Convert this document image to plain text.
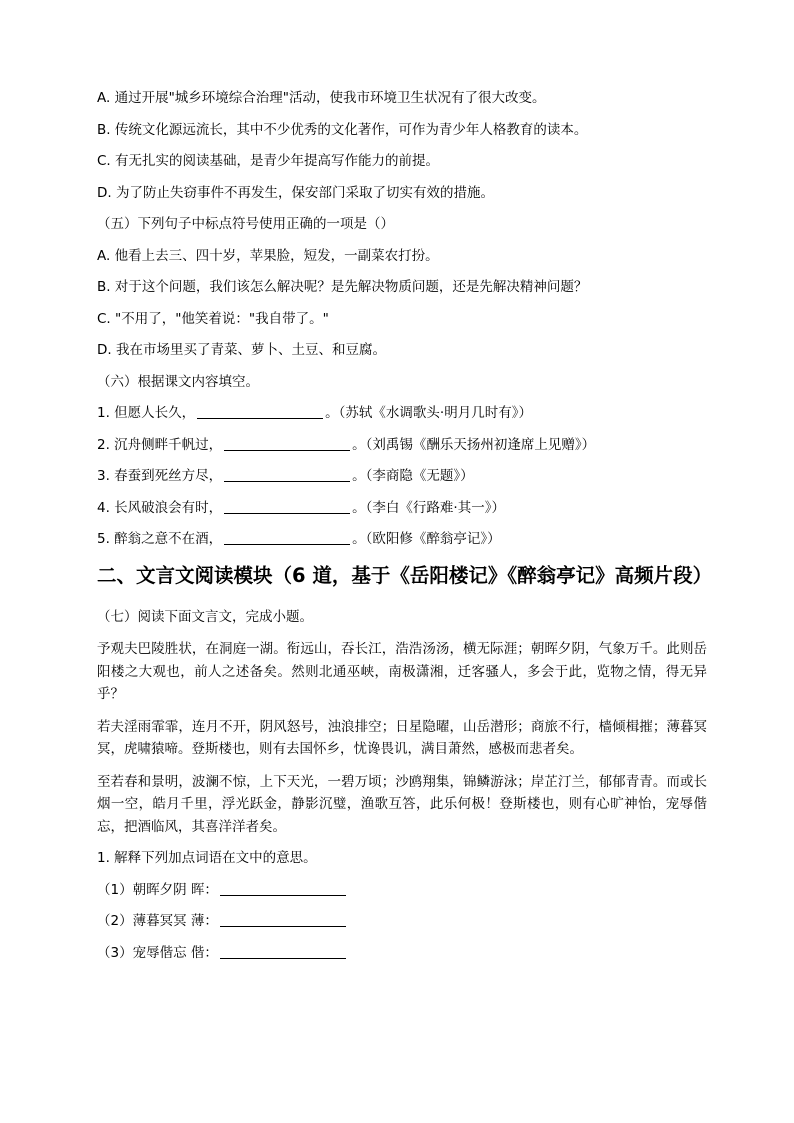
A. 通过开展"城乡环境综合治理"活动，使我市环境卫生状况有了很大改变。
B. 传统文化源远流长，其中不少优秀的文化著作，可作为青少年人格教育的读本。
C. 有无扎实的阅读基础，是青少年提高写作能力的前提。
D. 为了防止失窃事件不再发生，保安部门采取了切实有效的措施。
（五）下列句子中标点符号使用正确的一项是（）
A. 他看上去三、四十岁，苹果脸，短发，一副菜农打扮。
B. 对于这个问题，我们该怎么解决呢？是先解决物质问题，还是先解决精神问题？
C. "不用了，"他笑着说："我自带了。"
D. 我在市场里买了青菜、萝卜、土豆、和豆腐。
（六）根据课文内容填空。
1. 但愿人长久，	。（苏轼《水调歌头·明月几时有》）
2. 沉舟侧畔千帆过，	。（刘禹锡《酬乐天扬州初逢席上见赠》）
3. 春蚕到死丝方尽，	。（李商隐《无题》）
4. 长风破浪会有时，	。（李白《行路难·其一》）
5. 醉翁之意不在酒，	。（欧阳修《醉翁亭记》）
二、文言文阅读模块（6 道，基于《岳阳楼记》《醉翁亭记》高频片段）
（七）阅读下面文言文，完成小题。
予观夫巴陵胜状，在洞庭一湖。衔远山，吞长江，浩浩汤汤，横无际涯；朝晖夕阴，气象万千。此则岳阳楼之大观也，前人之述备矣。然则北通巫峡，南极潇湘，迁客骚人，多会于此，览物之情，得无异乎？
若夫淫雨霏霏，连月不开，阴风怒号，浊浪排空；日星隐曜，山岳潜形；商旅不行，樯倾楫摧；薄暮冥冥，虎啸猿啼。登斯楼也，则有去国怀乡，忧谗畏讥，满目萧然，感极而悲者矣。
至若春和景明，波澜不惊，上下天光，一碧万顷；沙鸥翔集，锦鳞游泳；岸芷汀兰，郁郁青青。而或长烟一空，皓月千里，浮光跃金，静影沉璧，渔歌互答，此乐何极！登斯楼也，则有心旷神怡，宠辱偕忘，把酒临风，其喜洋洋者矣。
1. 解释下列加点词语在文中的意思。
（1）朝晖夕阴 晖：
（2）薄暮冥冥 薄：
（3）宠辱偕忘 偕：
